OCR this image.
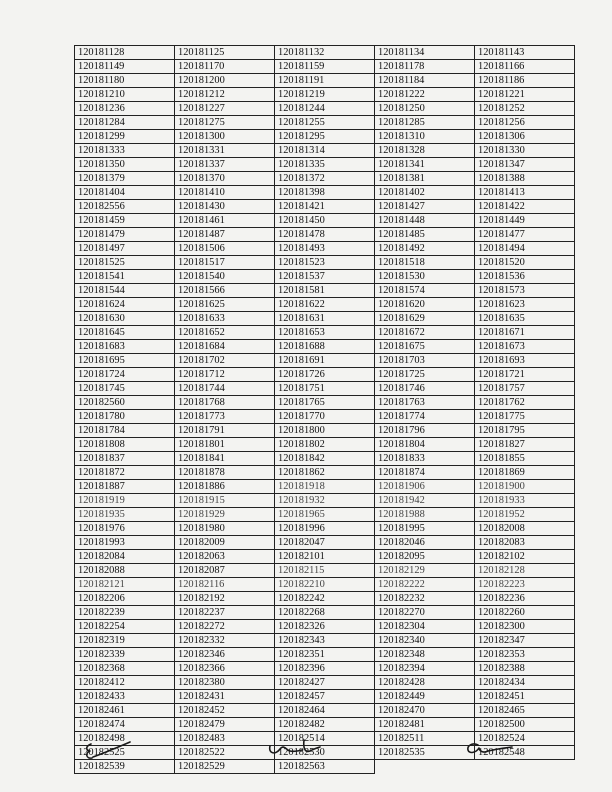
120181128	120181125	120181132	120181134	120181143
120181149	120181170	120181159	120181178	120181166
120181180	120181200	120181191	120181184	120181186
120181210	120181212	120181219	120181222	120181221
120181236	120181227	120181244	120181250	120181252
120181284	120181275	120181255	120181285	120181256
120181299	120181300	120181295	120181310	120181306
120181333	120181331	120181314	120181328	120181330
120181350	120181337	120181335	120181341	120181347
120181379	120181370	120181372	120181381	120181388
120181404	120181410	120181398	120181402	120181413
120182556	120181430	120181421	120181427	120181422
120181459	120181461	120181450	120181448	120181449
120181479	120181487	120181478	120181485	120181477
120181497	120181506	120181493	120181492	120181494
120181525	120181517	120181523	120181518	120181520
120181541	120181540	120181537	120181530	120181536
120181544	120181566	120181581	120181574	120181573
120181624	120181625	120181622	120181620	120181623
120181630	120181633	120181631	120181629	120181635
120181645	120181652	120181653	120181672	120181671
120181683	120181684	120181688	120181675	120181673
120181695	120181702	120181691	120181703	120181693
120181724	120181712	120181726	120181725	120181721
120181745	120181744	120181751	120181746	120181757
120182560	120181768	120181765	120181763	120181762
120181780	120181773	120181770	120181774	120181775
120181784	120181791	120181800	120181796	120181795
120181808	120181801	120181802	120181804	120181827
120181837	120181841	120181842	120181833	120181855
120181872	120181878	120181862	120181874	120181869
120181887	120181886	120181918	120181906	120181900
120181919	120181915	120181932	120181942	120181933
120181935	120181929	120181965	120181988	120181952
120181976	120181980	120181996	120181995	120182008
120181993	120182009	120182047	120182046	120182083
120182084	120182063	120182101	120182095	120182102
120182088	120182087	120182115	120182129	120182128
120182121	120182116	120182210	120182222	120182223
120182206	120182192	120182242	120182232	120182236
120182239	120182237	120182268	120182270	120182260
120182254	120182272	120182326	120182304	120182300
120182319	120182332	120182343	120182340	120182347
120182339	120182346	120182351	120182348	120182353
120182368	120182366	120182396	120182394	120182388
120182412	120182380	120182427	120182428	120182434
120182433	120182431	120182457	120182449	120182451
120182461	120182452	120182464	120182470	120182465
120182474	120182479	120182482	120182481	120182500
120182498	120182483	120182514	120182511	120182524
120182525	120182522	120182530	120182535	120182548
120182539	120182529	120182563		
